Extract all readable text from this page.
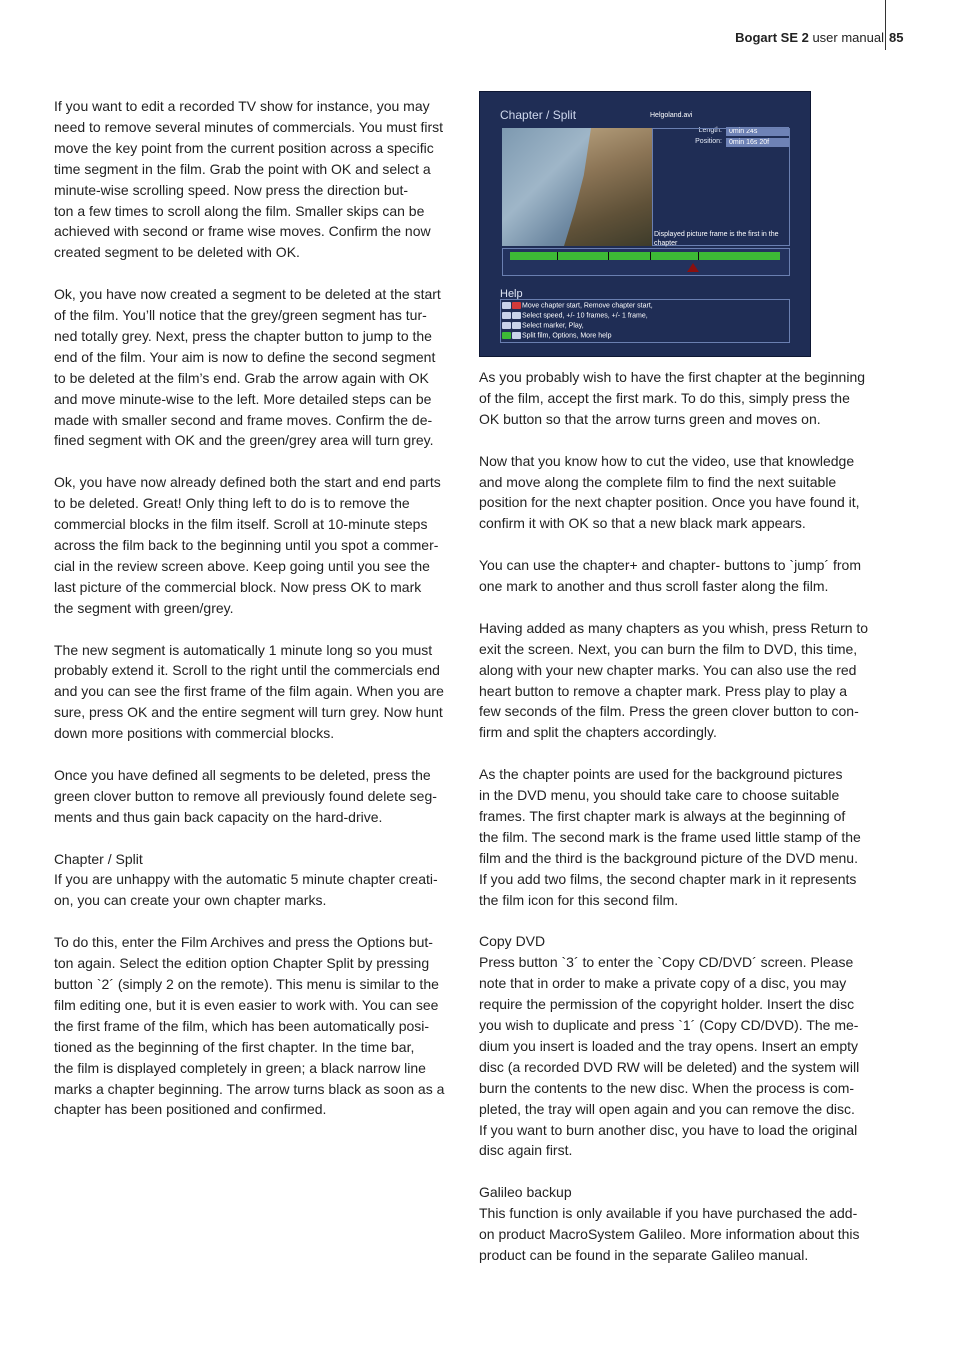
Bogart SE 2 user manual 85

If you want to edit a recorded TV show for instance, you may
need to remove several minutes of commercials. You must first
move the key point from the current position across a specific
time segment in the film. Grab the point with OK and select a
minute-wise scrolling speed. Now press the direction but-
ton a few times to scroll along the film. Smaller skips can be
achieved with second or frame wise moves. Confirm the now
created segment to be deleted with OK.

Ok, you have now created a segment to be deleted at the start
of the film. You’ll notice that the grey/green segment has tur-
ned totally grey. Next, press the chapter button to jump to the
end of the film. Your aim is now to define the second segment
to be deleted at the film’s end. Grab the arrow again with OK
and move minute-wise to the left. More detailed steps can be
made with smaller second and frame moves. Confirm the de-
fined segment with OK and the green/grey area will turn grey.

Ok, you have now already defined both the start and end parts
to be deleted. Great! Only thing left to do is to remove the
commercial blocks in the film itself. Scroll at 10-minute steps
across the film back to the beginning until you spot a commer-
cial in the review screen above. Keep going until you see the
last picture of the commercial block. Now press OK to mark
the segment with green/grey.

The new segment is automatically 1 minute long so you must
probably extend it. Scroll to the right until the commercials end
and you can see the first frame of the film again. When you are
sure, press OK and the entire segment will turn grey. Now hunt
down more positions with commercial blocks.

Once you have defined all segments to be deleted, press the
green clover button to remove all previously found delete seg-
ments and thus gain back capacity on the hard-drive.

Chapter / Split
If you are unhappy with the automatic 5 minute chapter creati-
on, you can create your own chapter marks.

To do this, enter the Film Archives and press the Options but-
ton again. Select the edition option Chapter Split by pressing
button `2´ (simply 2 on the remote). This menu is similar to the
film editing one, but it is even easier to work with. You can see
the first frame of the film, which has been automatically posi-
tioned as the beginning of the first chapter. In the time bar,
the film is displayed completely in green; a black narrow line
marks a chapter beginning. The arrow turns black as soon as a
chapter has been positioned and confirmed.

Chapter / Split	Helgoland.avi
Length:	0min 24s
Position:	0min 16s 20f
Displayed picture frame is the first in the chapter
Help
Move chapter start, Remove chapter start,
Select speed, +/- 10 frames, +/- 1 frame,
Select marker, Play,
Split film, Options, More help

As you probably wish to have the first chapter at the beginning
of the film, accept the first mark. To do this, simply press the
OK button so that the arrow turns green and moves on.

Now that you know how to cut the video, use that knowledge
and move along the complete film to find the next suitable
position for the next chapter position. Once you have found it,
confirm it with OK so that a new black mark appears.

You can use the chapter+ and chapter- buttons to `jump´ from
one mark to another and thus scroll faster along the film.

Having added as many chapters as you whish, press Return to
exit the screen. Next, you can burn the film to DVD, this time,
along with your new chapter marks. You can also use the red
heart button to remove a chapter mark. Press play to play a
few seconds of the film. Press the green clover button to con-
firm and split the chapters accordingly.

As the chapter points are used for the background pictures
in the DVD menu, you should take care to choose suitable
frames. The first chapter mark is always at the beginning of
the film. The second mark is the frame used little stamp of the
film and the third is the background picture of the DVD menu.
If you add two films, the second chapter mark in it represents
the film icon for this second film.

Copy DVD
Press button `3´ to enter the `Copy CD/DVD´ screen. Please
note that in order to make a private copy of a disc, you may
require the permission of the copyright holder. Insert the disc
you wish to duplicate and press `1´ (Copy CD/DVD). The me-
dium you insert is loaded and the tray opens. Insert an empty
disc (a recorded DVD RW will be deleted) and the system will
burn the contents to the new disc. When the process is com-
pleted, the tray will open again and you can remove the disc.
If you want to burn another disc, you have to load the original
disc again first.

Galileo backup
This function is only available if you have purchased the add-
on product MacroSystem Galileo. More information about this
product can be found in the separate Galileo manual.
